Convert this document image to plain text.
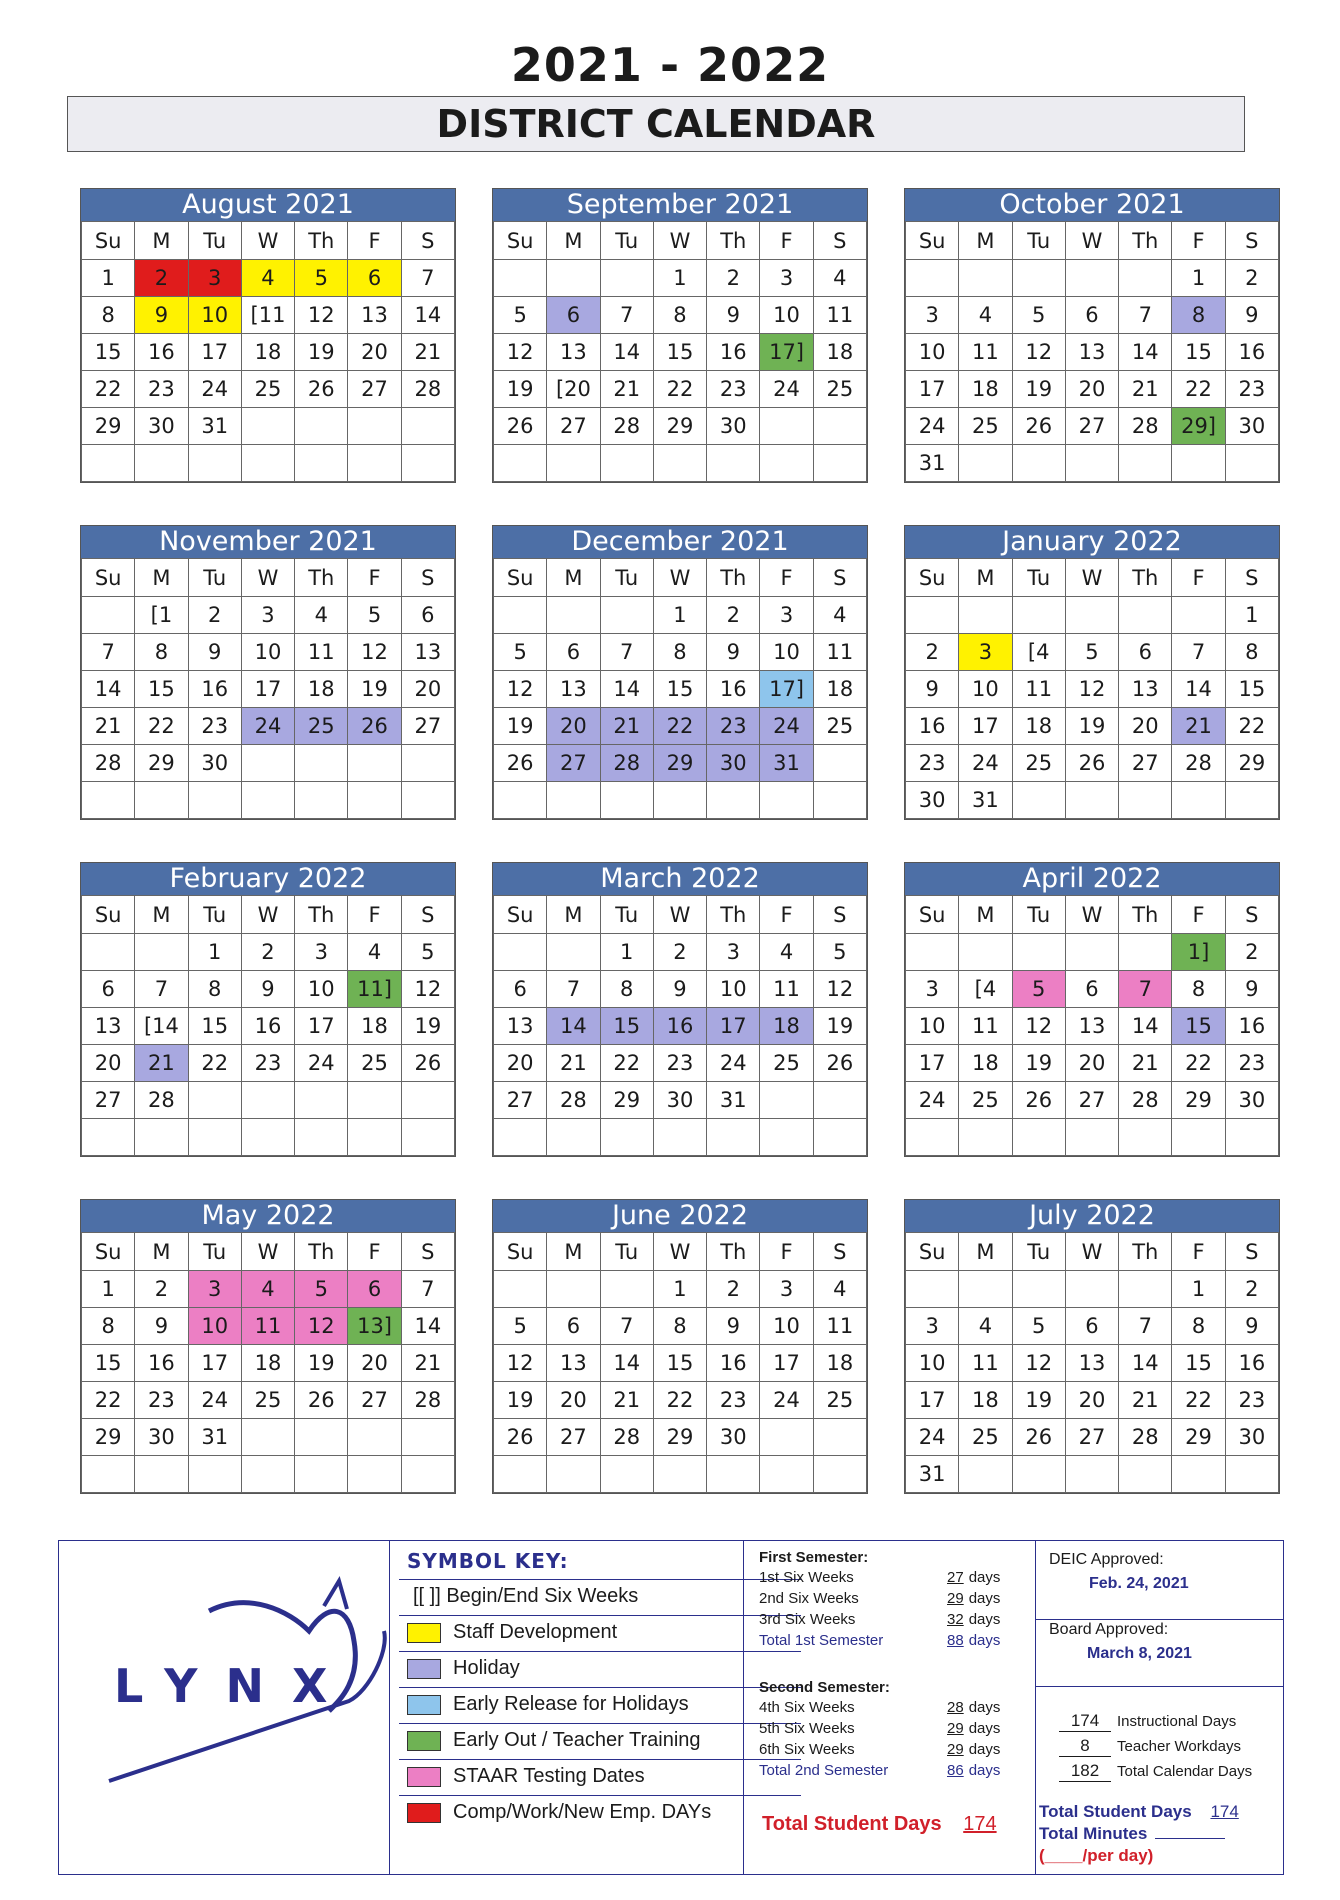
2021 - 2022
DISTRICT CALENDAR
August 2021
Su	M	Tu	W	Th	F	S
1	2	3	4	5	6	7
8	9	10	[11	12	13	14
15	16	17	18	19	20	21
22	23	24	25	26	27	28
29	30	31				

September 2021
Su	M	Tu	W	Th	F	S
			1	2	3	4
5	6	7	8	9	10	11
12	13	14	15	16	17]	18
19	[20	21	22	23	24	25
26	27	28	29	30		

October 2021
Su	M	Tu	W	Th	F	S
					1	2
3	4	5	6	7	8	9
10	11	12	13	14	15	16
17	18	19	20	21	22	23
24	25	26	27	28	29]	30
31						
November 2021
Su	M	Tu	W	Th	F	S
	[1	2	3	4	5	6
7	8	9	10	11	12	13
14	15	16	17	18	19	20
21	22	23	24	25	26	27
28	29	30				

December 2021
Su	M	Tu	W	Th	F	S
			1	2	3	4
5	6	7	8	9	10	11
12	13	14	15	16	17]	18
19	20	21	22	23	24	25
26	27	28	29	30	31	

January 2022
Su	M	Tu	W	Th	F	S
						1
2	3	[4	5	6	7	8
9	10	11	12	13	14	15
16	17	18	19	20	21	22
23	24	25	26	27	28	29
30	31					
February 2022
Su	M	Tu	W	Th	F	S
		1	2	3	4	5
6	7	8	9	10	11]	12
13	[14	15	16	17	18	19
20	21	22	23	24	25	26
27	28					

March 2022
Su	M	Tu	W	Th	F	S
		1	2	3	4	5
6	7	8	9	10	11	12
13	14	15	16	17	18	19
20	21	22	23	24	25	26
27	28	29	30	31		

April 2022
Su	M	Tu	W	Th	F	S
					1]	2
3	[4	5	6	7	8	9
10	11	12	13	14	15	16
17	18	19	20	21	22	23
24	25	26	27	28	29	30

May 2022
Su	M	Tu	W	Th	F	S
1	2	3	4	5	6	7
8	9	10	11	12	13]	14
15	16	17	18	19	20	21
22	23	24	25	26	27	28
29	30	31				

June 2022
Su	M	Tu	W	Th	F	S
			1	2	3	4
5	6	7	8	9	10	11
12	13	14	15	16	17	18
19	20	21	22	23	24	25
26	27	28	29	30		

July 2022
Su	M	Tu	W	Th	F	S
					1	2
3	4	5	6	7	8	9
10	11	12	13	14	15	16
17	18	19	20	21	22	23
24	25	26	27	28	29	30
31						
LYNX
SYMBOL KEY:
[[ ]] Begin/End Six Weeks
Staff Development
Holiday
Early Release for Holidays
Early Out / Teacher Training
STAAR Testing Dates
Comp/Work/New Emp. DAYs
First Semester:
1st Six Weeks	27 days
2nd Six Weeks	29 days
3rd Six Weeks	32 days
Total 1st Semester	88 days
Second Semester:
4th Six Weeks	28 days
5th Six Weeks	29 days
6th Six Weeks	29 days
Total 2nd Semester	86 days
Total Student Days 174
DEIC Approved:
Feb. 24, 2021
Board Approved:
March 8, 2021
174 Instructional Days
8 Teacher Workdays
182 Total Calendar Days
Total Student Days 174
Total Minutes
(____/per day)
